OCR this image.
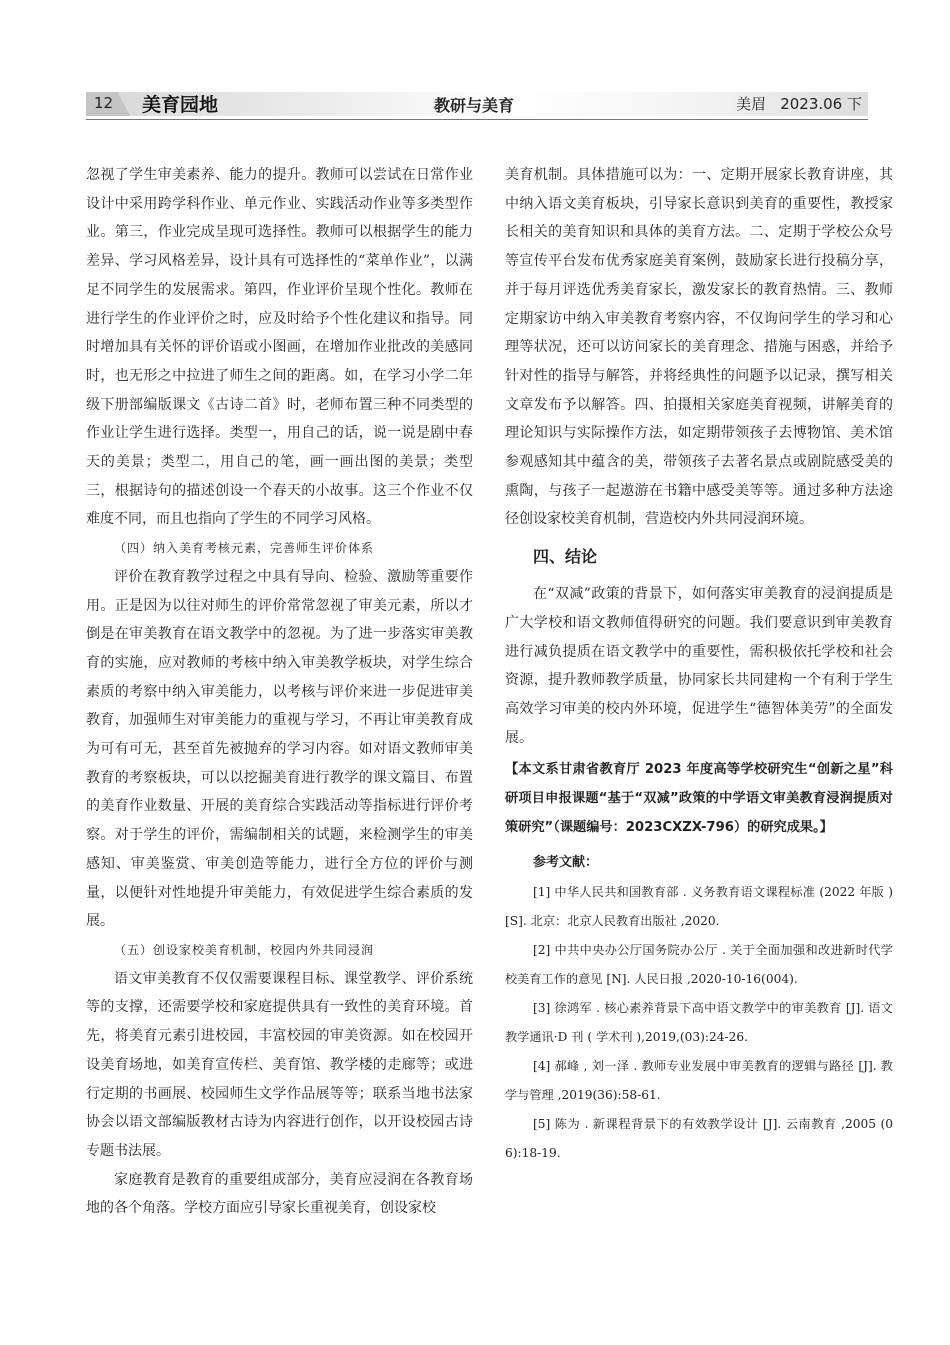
12 美育园地	教研与美育	美眉 2023.06 下

忽视了学生审美素养、能力的提升。教师可以尝试在日常作业设计中采用跨学科作业、单元作业、实践活动作业等多类型作业。第三，作业完成呈现可选择性。教师可以根据学生的能力差异、学习风格差异，设计具有可选择性的“菜单作业”，以满足不同学生的发展需求。第四，作业评价呈现个性化。教师在进行学生的作业评价之时，应及时给予个性化建议和指导。同时增加具有关怀的评价语或小图画，在增加作业批改的美感同时，也无形之中拉进了师生之间的距离。如，在学习小学二年级下册部编版课文《古诗二首》时，老师布置三种不同类型的作业让学生进行选择。类型一，用自己的话，说一说是剧中春天的美景；类型二，用自己的笔，画一画出图的美景；类型三，根据诗句的描述创设一个春天的小故事。这三个作业不仅难度不同，而且也指向了学生的不同学习风格。

（四）纳入美育考核元素，完善师生评价体系

评价在教育教学过程之中具有导向、检验、激励等重要作用。正是因为以往对师生的评价常常忽视了审美元素，所以才倒是在审美教育在语文教学中的忽视。为了进一步落实审美教育的实施，应对教师的考核中纳入审美教学板块，对学生综合素质的考察中纳入审美能力，以考核与评价来进一步促进审美教育，加强师生对审美能力的重视与学习，不再让审美教育成为可有可无，甚至首先被抛弃的学习内容。如对语文教师审美教育的考察板块，可以以挖掘美育进行教学的课文篇目、布置的美育作业数量、开展的美育综合实践活动等指标进行评价考察。对于学生的评价，需编制相关的试题，来检测学生的审美感知、审美鉴赏、审美创造等能力，进行全方位的评价与测量，以便针对性地提升审美能力，有效促进学生综合素质的发展。

（五）创设家校美育机制，校园内外共同浸润

语文审美教育不仅仅需要课程目标、课堂教学、评价系统等的支撑，还需要学校和家庭提供具有一致性的美育环境。首先，将美育元素引进校园，丰富校园的审美资源。如在校园开设美育场地，如美育宣传栏、美育馆、教学楼的走廊等；或进行定期的书画展、校园师生文学作品展等等；联系当地书法家协会以语文部编版教材古诗为内容进行创作，以开设校园古诗专题书法展。

家庭教育是教育的重要组成部分，美育应浸润在各教育场地的各个角落。学校方面应引导家长重视美育，创设家校

美育机制。具体措施可以为：一、定期开展家长教育讲座，其中纳入语文美育板块，引导家长意识到美育的重要性，教授家长相关的美育知识和具体的美育方法。二、定期于学校公众号等宣传平台发布优秀家庭美育案例，鼓励家长进行投稿分享，并于每月评选优秀美育家长，激发家长的教育热情。三、教师定期家访中纳入审美教育考察内容，不仅询问学生的学习和心理等状况，还可以访问家长的美育理念、措施与困惑，并给予针对性的指导与解答，并将经典性的问题予以记录，撰写相关文章发布予以解答。四、拍摄相关家庭美育视频，讲解美育的理论知识与实际操作方法，如定期带领孩子去博物馆、美术馆参观感知其中蕴含的美，带领孩子去著名景点或剧院感受美的熏陶，与孩子一起遨游在书籍中感受美等等。通过多种方法途径创设家校美育机制，营造校内外共同浸润环境。

四、结论

在“双减”政策的背景下，如何落实审美教育的浸润提质是广大学校和语文教师值得研究的问题。我们要意识到审美教育进行减负提质在语文教学中的重要性，需积极依托学校和社会资源，提升教师教学质量，协同家长共同建构一个有利于学生高效学习审美的校内外环境，促进学生“德智体美劳”的全面发展。

【本文系甘肃省教育厅 2023 年度高等学校研究生“创新之星”科研项目申报课题“基于“双减”政策的中学语文审美教育浸润提质对策研究”（课题编号：2023CXZX-796）的研究成果。】

参考文献：

[1] 中华人民共和国教育部 . 义务教育语文课程标准 (2022 年版 )[S]. 北京：北京人民教育出版社 ,2020.

[2] 中共中央办公厅国务院办公厅 . 关于全面加强和改进新时代学校美育工作的意见 [N]. 人民日报 ,2020-10-16(004).

[3] 徐鸿军 . 核心素养背景下高中语文教学中的审美教育 [J]. 语文教学通讯·D 刊 ( 学术刊 ),2019,(03):24-26.

[4] 郝峰 , 刘一泽 . 教师专业发展中审美教育的逻辑与路径 [J]. 教学与管理 ,2019(36):58-61.

[5] 陈为 . 新课程背景下的有效教学设计 [J]. 云南教育 ,2005 (06):18-19.
